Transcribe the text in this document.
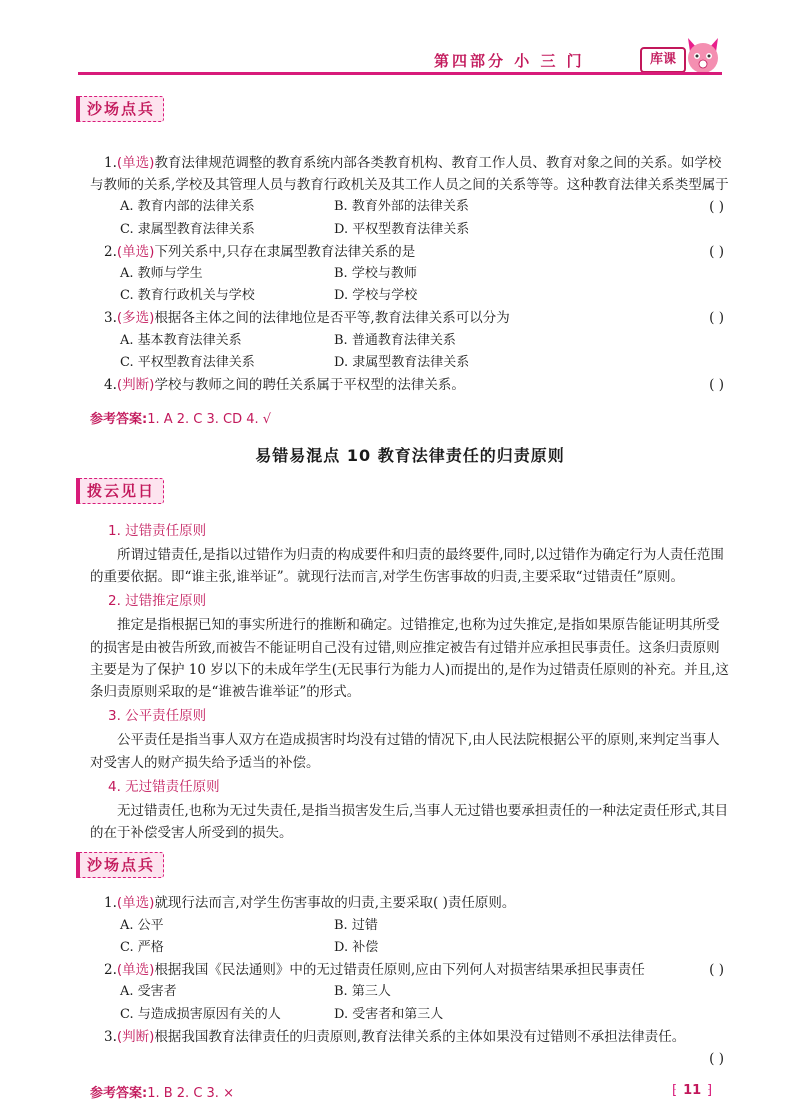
第四部分 小 三 门	库课
沙场点兵

1.(单选)教育法律规范调整的教育系统内部各类教育机构、教育工作人员、教育对象之间的关系。如学校与教师的关系,学校及其管理人员与教育行政机关及其工作人员之间的关系等等。这种教育法律关系类型属于
( )

A. 教育内部的法律关系	B. 教育外部的法律关系
C. 隶属型教育法律关系	D. 平权型教育法律关系

2.(单选)下列关系中,只存在隶属型教育法律关系的是	( )

A. 教师与学生	B. 学校与教师
C. 教育行政机关与学校	D. 学校与学校

3.(多选)根据各主体之间的法律地位是否平等,教育法律关系可以分为	( )

A. 基本教育法律关系	B. 普通教育法律关系
C. 平权型教育法律关系	D. 隶属型教育法律关系

4.(判断)学校与教师之间的聘任关系属于平权型的法律关系。	( )

参考答案:1. A 2. C 3. CD 4. √

易错易混点 10 教育法律责任的归责原则
拨云见日

1. 过错责任原则

所谓过错责任,是指以过错作为归责的构成要件和归责的最终要件,同时,以过错作为确定行为人责任范围的重要依据。即“谁主张,谁举证”。就现行法而言,对学生伤害事故的归责,主要采取“过错责任”原则。

2. 过错推定原则

推定是指根据已知的事实所进行的推断和确定。过错推定,也称为过失推定,是指如果原告能证明其所受的损害是由被告所致,而被告不能证明自己没有过错,则应推定被告有过错并应承担民事责任。这条归责原则主要是为了保护 10 岁以下的未成年学生(无民事行为能力人)而提出的,是作为过错责任原则的补充。并且,这条归责原则采取的是“谁被告谁举证”的形式。

3. 公平责任原则

公平责任是指当事人双方在造成损害时均没有过错的情况下,由人民法院根据公平的原则,来判定当事人对受害人的财产损失给予适当的补偿。

4. 无过错责任原则

无过错责任,也称为无过失责任,是指当损害发生后,当事人无过错也要承担责任的一种法定责任形式,其目的在于补偿受害人所受到的损失。

沙场点兵

1.(单选)就现行法而言,对学生伤害事故的归责,主要采取( )责任原则。

A. 公平	B. 过错
C. 严格	D. 补偿

2.(单选)根据我国《民法通则》中的无过错责任原则,应由下列何人对损害结果承担民事责任	( )

A. 受害者	B. 第三人
C. 与造成损害原因有关的人	D. 受害者和第三人

3.(判断)根据我国教育法律责任的归责原则,教育法律关系的主体如果没有过错则不承担法律责任。

( )

参考答案:1. B 2. C 3. ×

⁅	11 ⁆
